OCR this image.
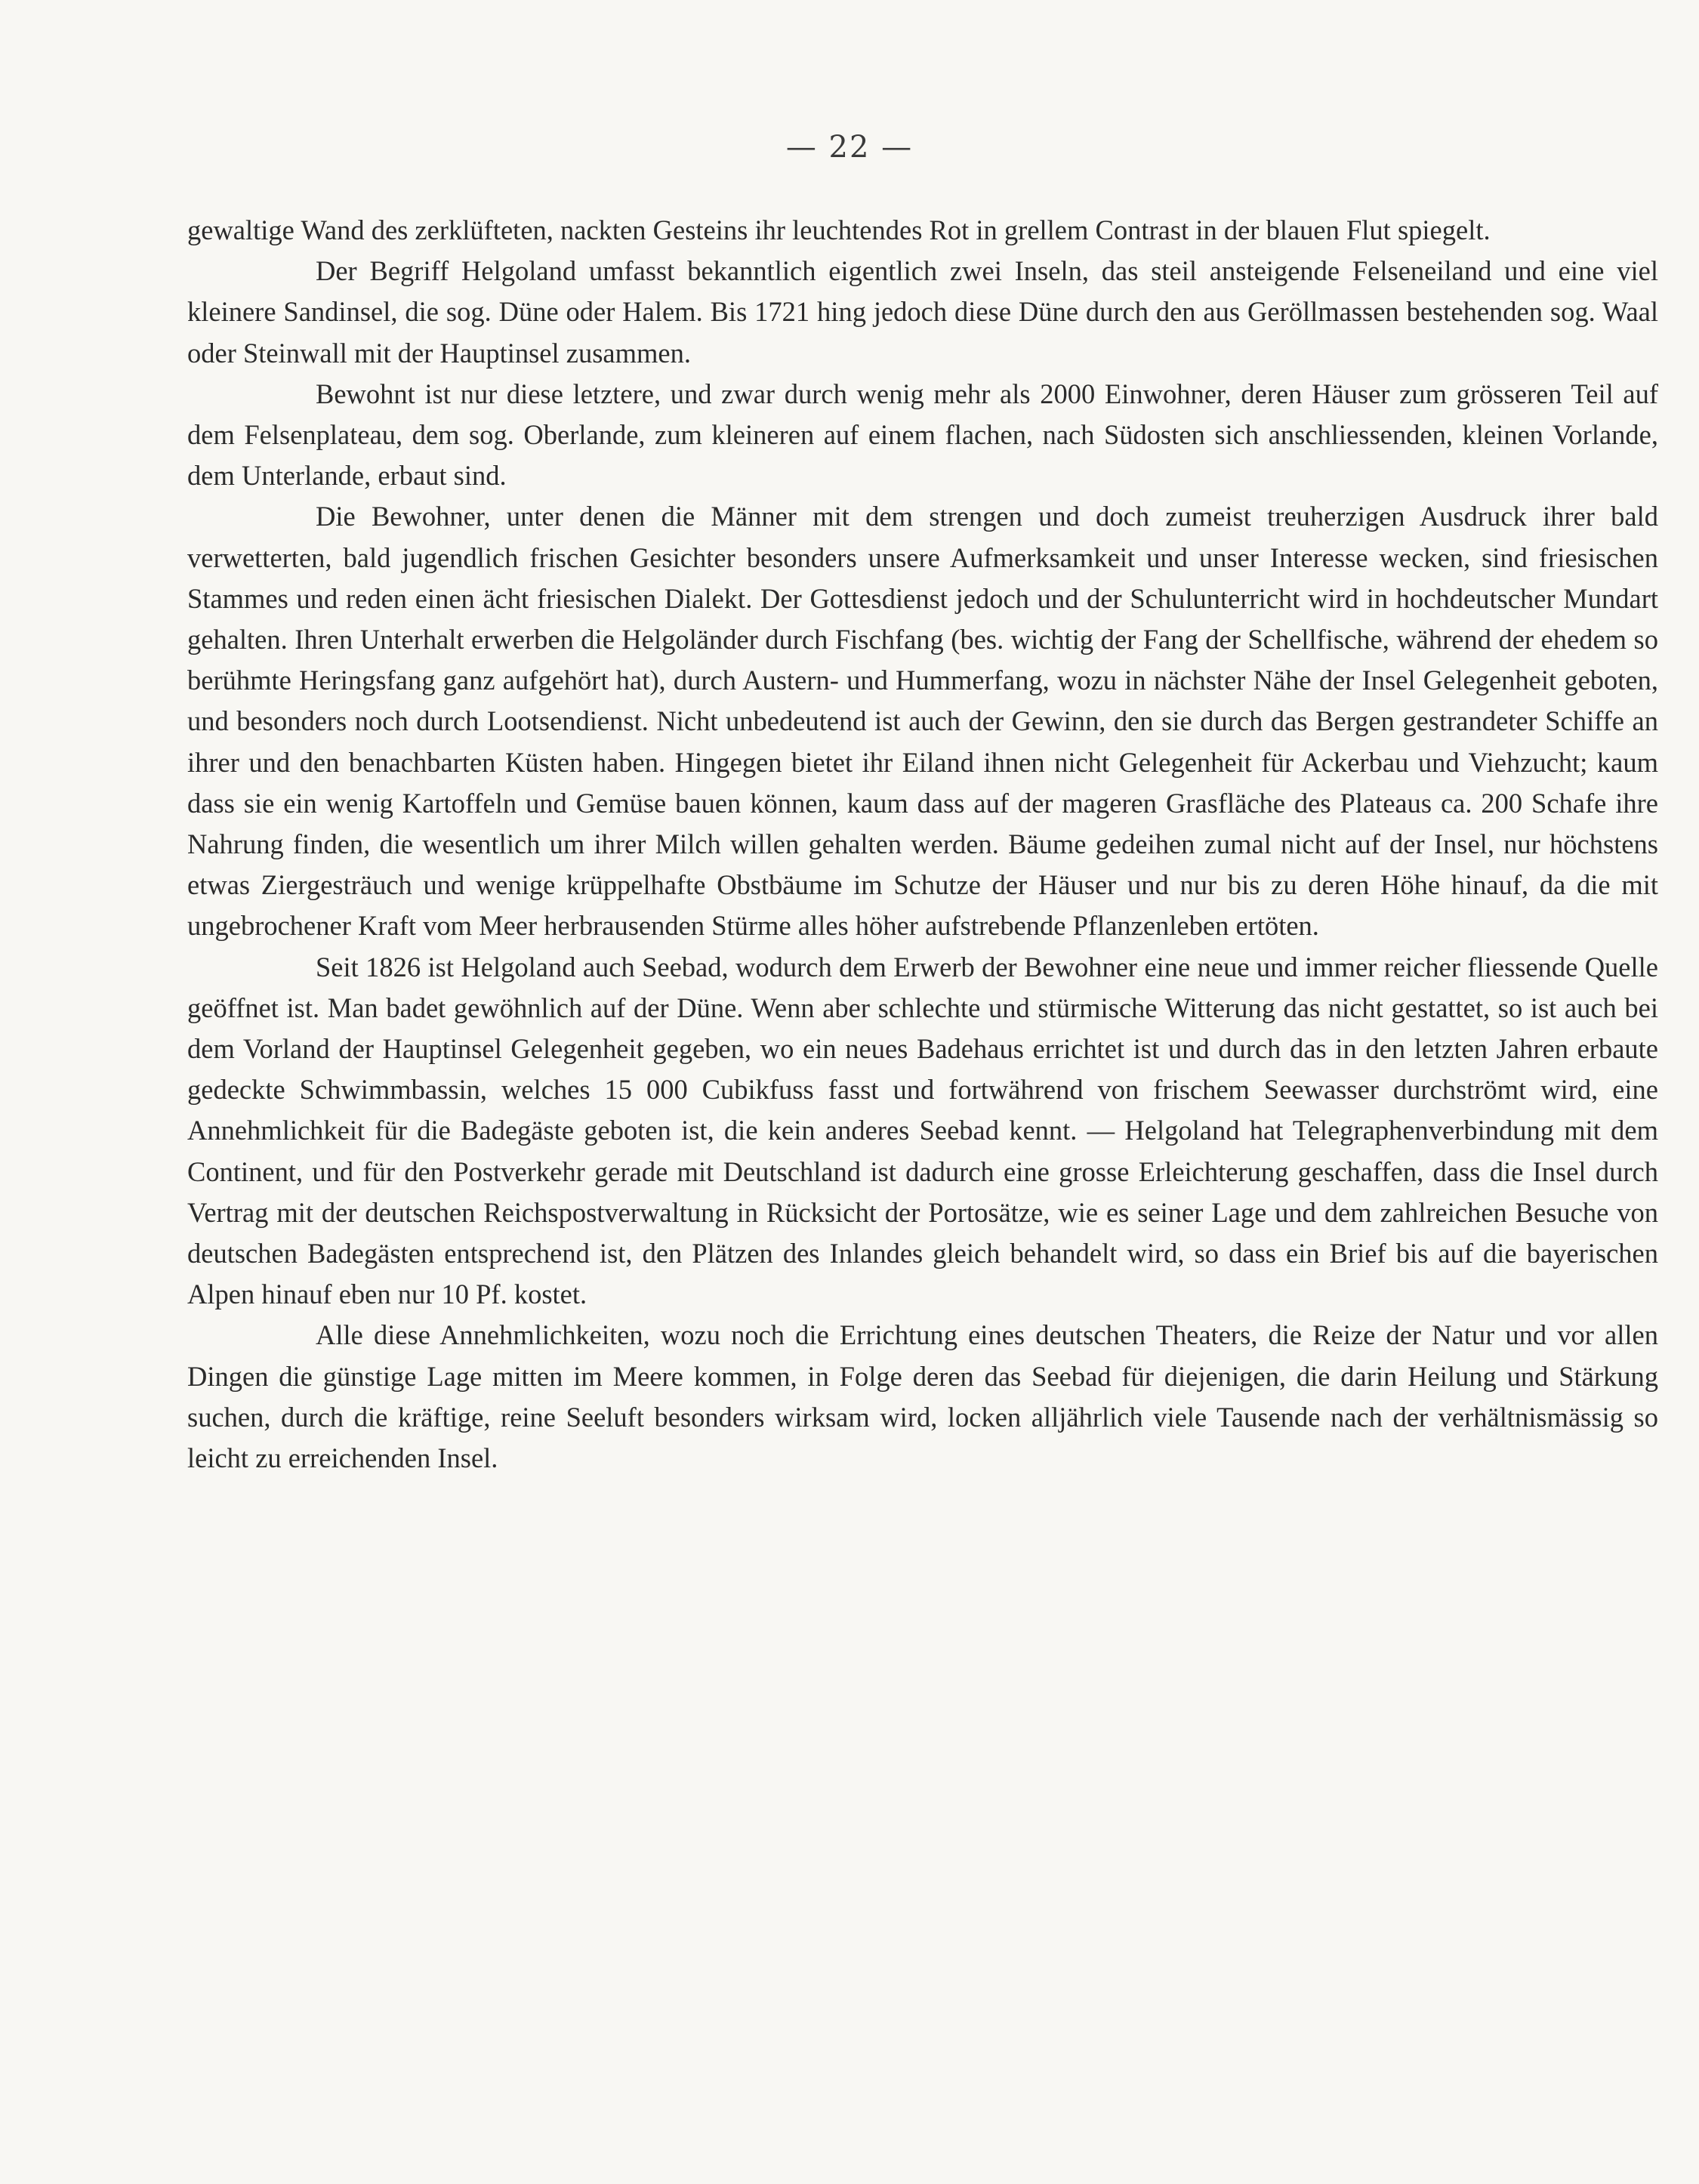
— 22 —

gewaltige Wand des zerklüfteten, nackten Gesteins ihr leuchtendes Rot in grellem Contrast in der blauen Flut spiegelt.

Der Begriff Helgoland umfasst bekanntlich eigentlich zwei Inseln, das steil ansteigende Felseneiland und eine viel kleinere Sandinsel, die sog. Düne oder Halem. Bis 1721 hing jedoch diese Düne durch den aus Geröllmassen bestehenden sog. Waal oder Steinwall mit der Hauptinsel zusammen.

Bewohnt ist nur diese letztere, und zwar durch wenig mehr als 2000 Einwohner, deren Häuser zum grösseren Teil auf dem Felsenplateau, dem sog. Oberlande, zum kleineren auf einem flachen, nach Südosten sich anschliessenden, kleinen Vorlande, dem Unterlande, erbaut sind.

Die Bewohner, unter denen die Männer mit dem strengen und doch zumeist treuherzigen Ausdruck ihrer bald verwetterten, bald jugendlich frischen Gesichter besonders unsere Aufmerksamkeit und unser Interesse wecken, sind friesischen Stammes und reden einen ächt friesischen Dialekt. Der Gottesdienst jedoch und der Schulunterricht wird in hochdeutscher Mundart gehalten. Ihren Unterhalt erwerben die Helgoländer durch Fischfang (bes. wichtig der Fang der Schellfische, während der ehedem so berühmte Heringsfang ganz aufgehört hat), durch Austern- und Hummerfang, wozu in nächster Nähe der Insel Gelegenheit geboten, und besonders noch durch Lootsendienst. Nicht unbedeutend ist auch der Gewinn, den sie durch das Bergen gestrandeter Schiffe an ihrer und den benachbarten Küsten haben. Hingegen bietet ihr Eiland ihnen nicht Gelegenheit für Ackerbau und Viehzucht; kaum dass sie ein wenig Kartoffeln und Gemüse bauen können, kaum dass auf der mageren Grasfläche des Plateaus ca. 200 Schafe ihre Nahrung finden, die wesentlich um ihrer Milch willen gehalten werden. Bäume gedeihen zumal nicht auf der Insel, nur höchstens etwas Ziergesträuch und wenige krüppelhafte Obstbäume im Schutze der Häuser und nur bis zu deren Höhe hinauf, da die mit ungebrochener Kraft vom Meer herbrausenden Stürme alles höher aufstrebende Pflanzenleben ertöten.

Seit 1826 ist Helgoland auch Seebad, wodurch dem Erwerb der Bewohner eine neue und immer reicher fliessende Quelle geöffnet ist. Man badet gewöhnlich auf der Düne. Wenn aber schlechte und stürmische Witterung das nicht gestattet, so ist auch bei dem Vorland der Hauptinsel Gelegenheit gegeben, wo ein neues Badehaus errichtet ist und durch das in den letzten Jahren erbaute gedeckte Schwimmbassin, welches 15 000 Cubikfuss fasst und fortwährend von frischem Seewasser durchströmt wird, eine Annehmlichkeit für die Badegäste geboten ist, die kein anderes Seebad kennt. — Helgoland hat Telegraphenverbindung mit dem Continent, und für den Postverkehr gerade mit Deutschland ist dadurch eine grosse Erleichterung geschaffen, dass die Insel durch Vertrag mit der deutschen Reichspostverwaltung in Rücksicht der Portosätze, wie es seiner Lage und dem zahlreichen Besuche von deutschen Badegästen entsprechend ist, den Plätzen des Inlandes gleich behandelt wird, so dass ein Brief bis auf die bayerischen Alpen hinauf eben nur 10 Pf. kostet.

Alle diese Annehmlichkeiten, wozu noch die Errichtung eines deutschen Theaters, die Reize der Natur und vor allen Dingen die günstige Lage mitten im Meere kommen, in Folge deren das Seebad für diejenigen, die darin Heilung und Stärkung suchen, durch die kräftige, reine Seeluft besonders wirksam wird, locken alljährlich viele Tausende nach der verhältnismässig so leicht zu erreichenden Insel.
